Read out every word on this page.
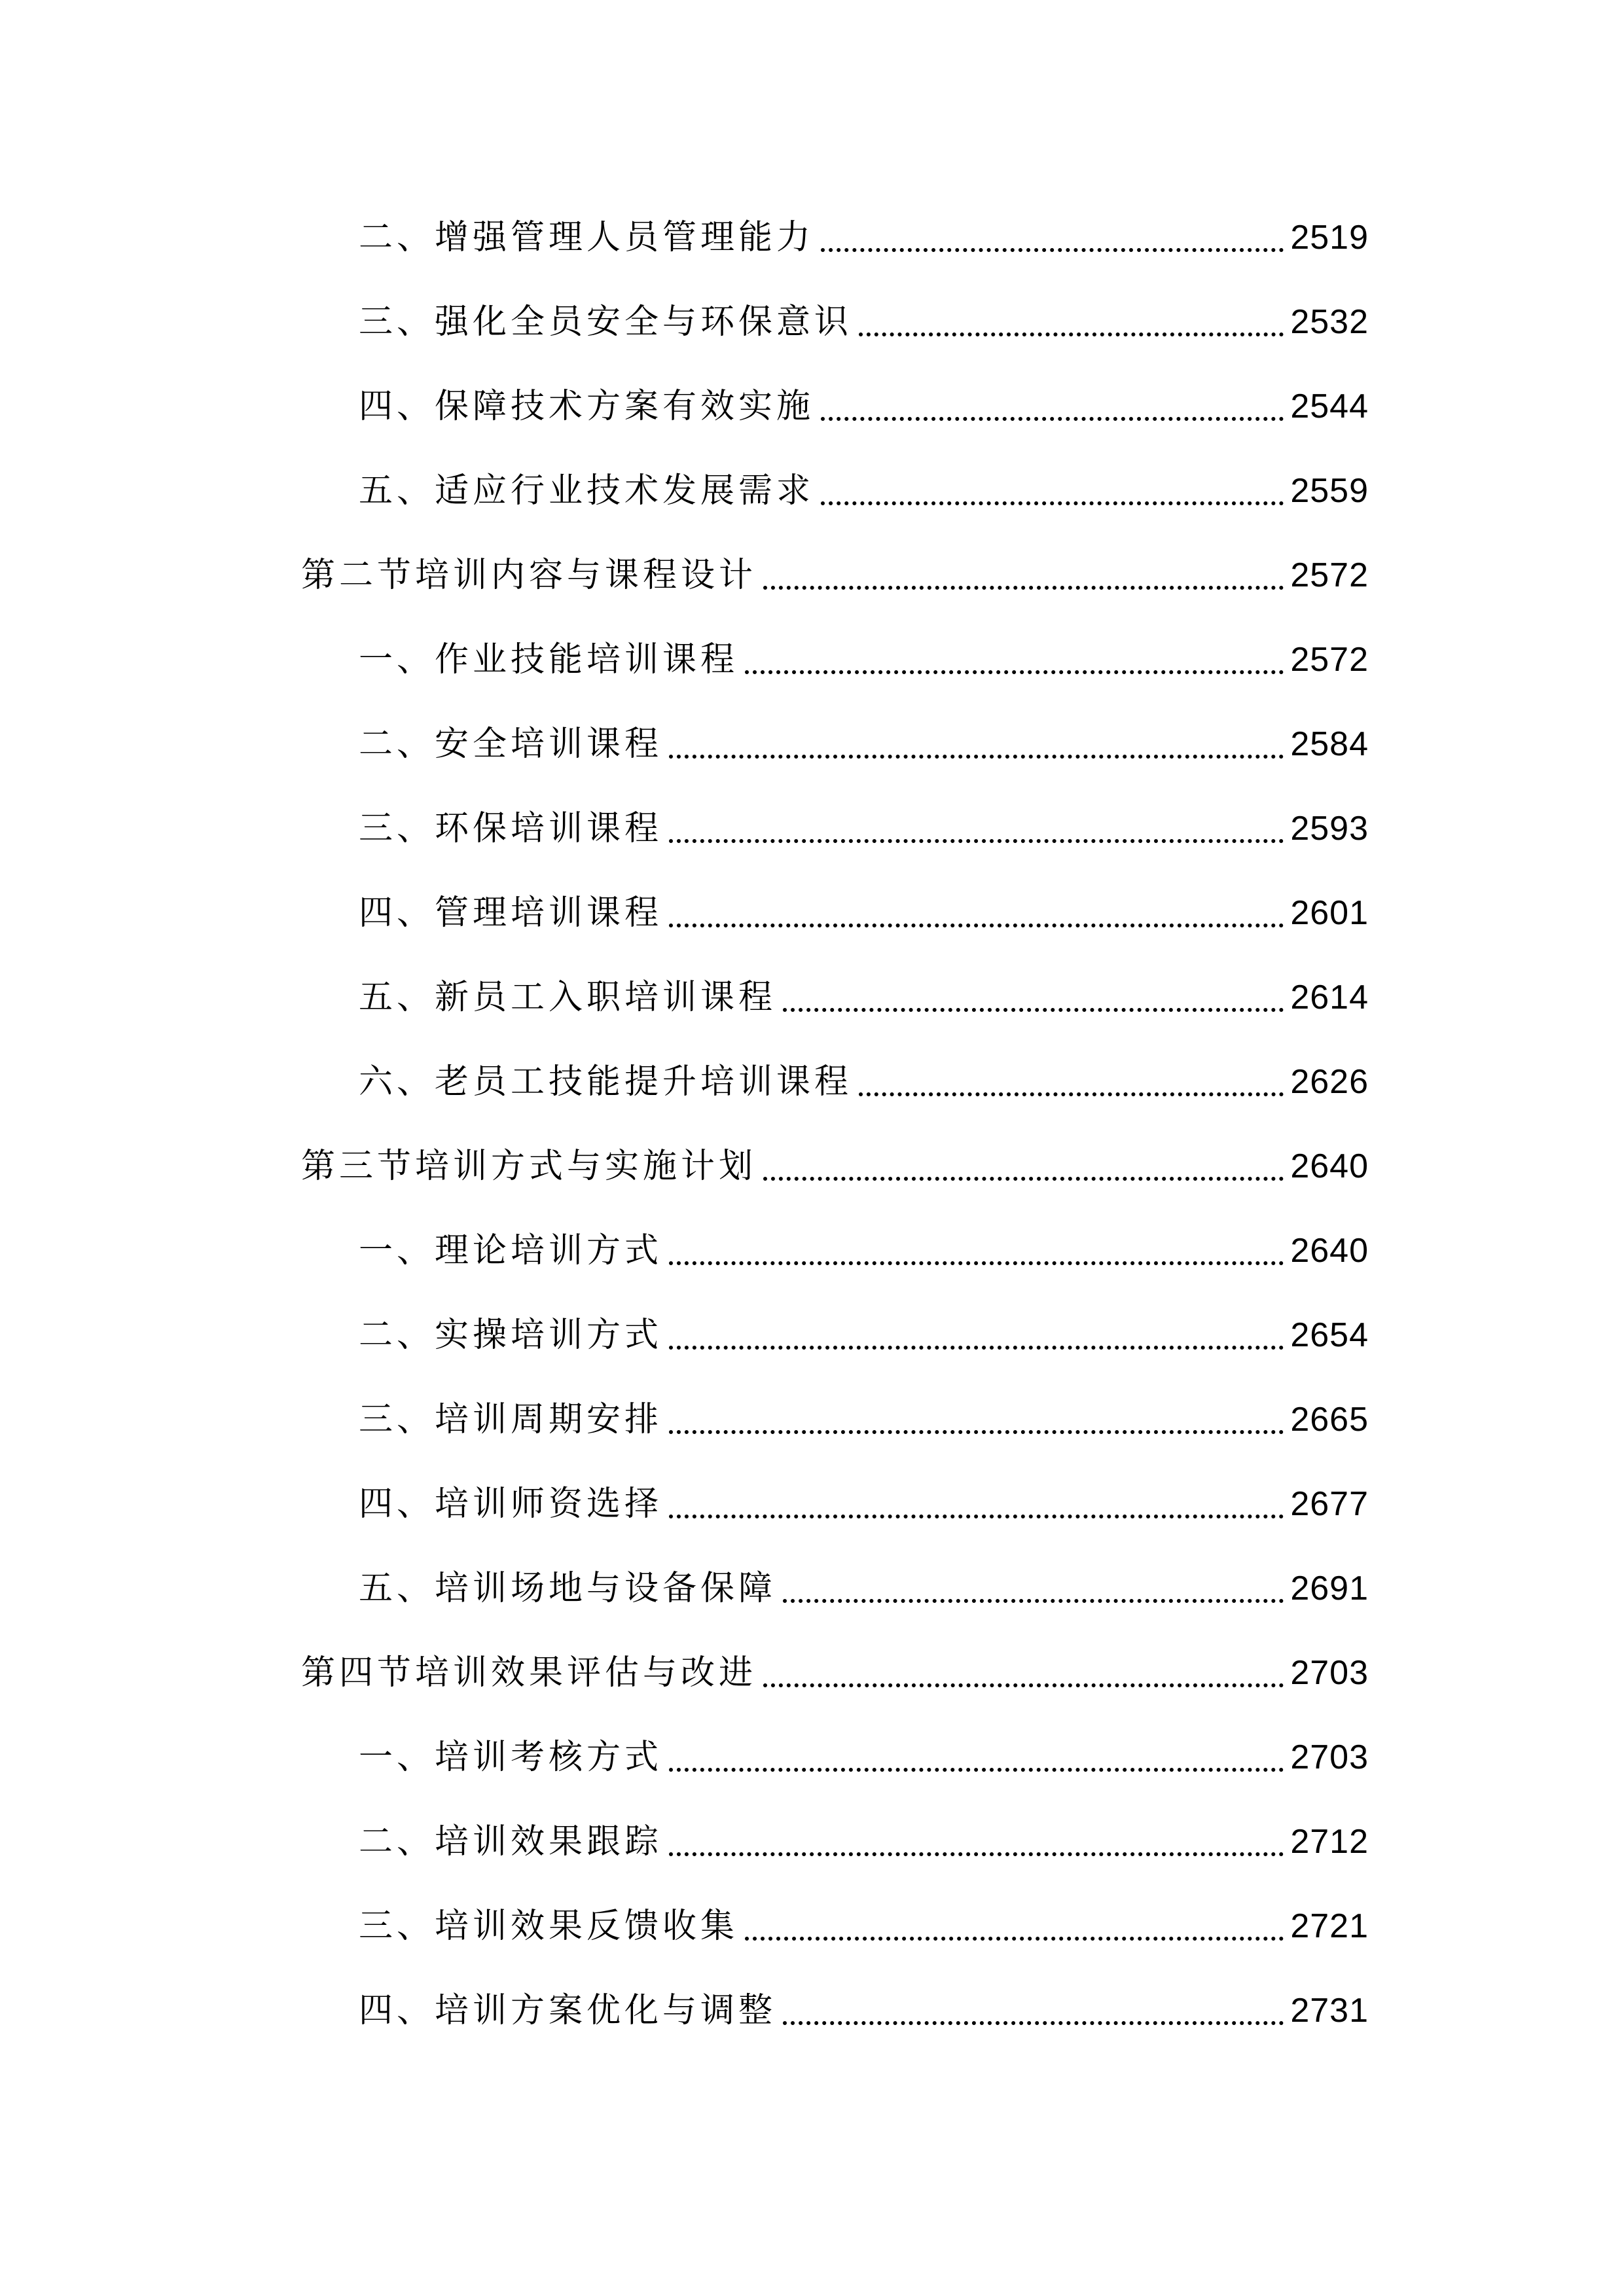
二、增强管理人员管理能力	2519
三、强化全员安全与环保意识	2532
四、保障技术方案有效实施	2544
五、适应行业技术发展需求	2559
第二节培训内容与课程设计	2572
一、作业技能培训课程	2572
二、安全培训课程	2584
三、环保培训课程	2593
四、管理培训课程	2601
五、新员工入职培训课程	2614
六、老员工技能提升培训课程	2626
第三节培训方式与实施计划	2640
一、理论培训方式	2640
二、实操培训方式	2654
三、培训周期安排	2665
四、培训师资选择	2677
五、培训场地与设备保障	2691
第四节培训效果评估与改进	2703
一、培训考核方式	2703
二、培训效果跟踪	2712
三、培训效果反馈收集	2721
四、培训方案优化与调整	2731
